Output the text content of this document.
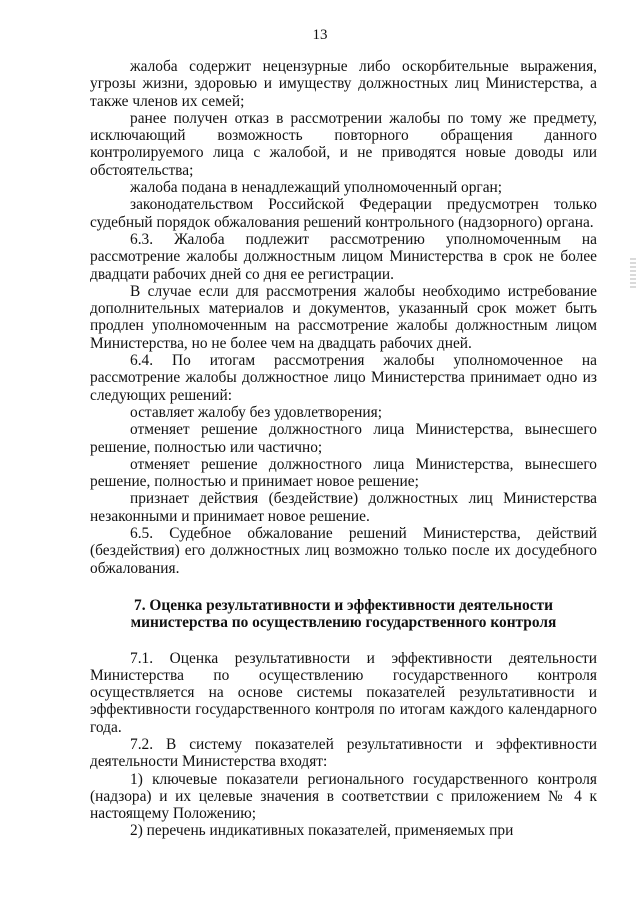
13

жалоба содержит нецензурные либо оскорбительные выражения, угрозы жизни, здоровью и имуществу должностных лиц Министерства, а также членов их семей;

ранее получен отказ в рассмотрении жалобы по тому же предмету, исключающий возможность повторного обращения данного контролируемого лица с жалобой, и не приводятся новые доводы или обстоятельства;

жалоба подана в ненадлежащий уполномоченный орган;

законодательством Российской Федерации предусмотрен только судебный порядок обжалования решений контрольного (надзорного) органа.

6.3. Жалоба подлежит рассмотрению уполномоченным на рассмотрение жалобы должностным лицом Министерства в срок не более двадцати рабочих дней со дня ее регистрации.

В случае если для рассмотрения жалобы необходимо истребование дополнительных материалов и документов, указанный срок может быть продлен уполномоченным на рассмотрение жалобы должностным лицом Министерства, но не более чем на двадцать рабочих дней.

6.4. По итогам рассмотрения жалобы уполномоченное на рассмотрение жалобы должностное лицо Министерства принимает одно из следующих решений:

оставляет жалобу без удовлетворения;

отменяет решение должностного лица Министерства, вынесшего решение, полностью или частично;

отменяет решение должностного лица Министерства, вынесшего решение, полностью и принимает новое решение;

признает действия (бездействие) должностных лиц Министерства незаконными и принимает новое решение.

6.5. Судебное обжалование решений Министерства, действий (бездействия) его должностных лиц возможно только после их досудебного обжалования.

7. Оценка результативности и эффективности деятельности министерства по осуществлению государственного контроля

7.1. Оценка результативности и эффективности деятельности Министерства по осуществлению государственного контроля осуществляется на основе системы показателей результативности и эффективности государственного контроля по итогам каждого календарного года.

7.2. В систему показателей результативности и эффективности деятельности Министерства входят:

1) ключевые показатели регионального государственного контроля (надзора) и их целевые значения в соответствии с приложением № 4 к настоящему Положению;

2) перечень индикативных показателей, применяемых при
